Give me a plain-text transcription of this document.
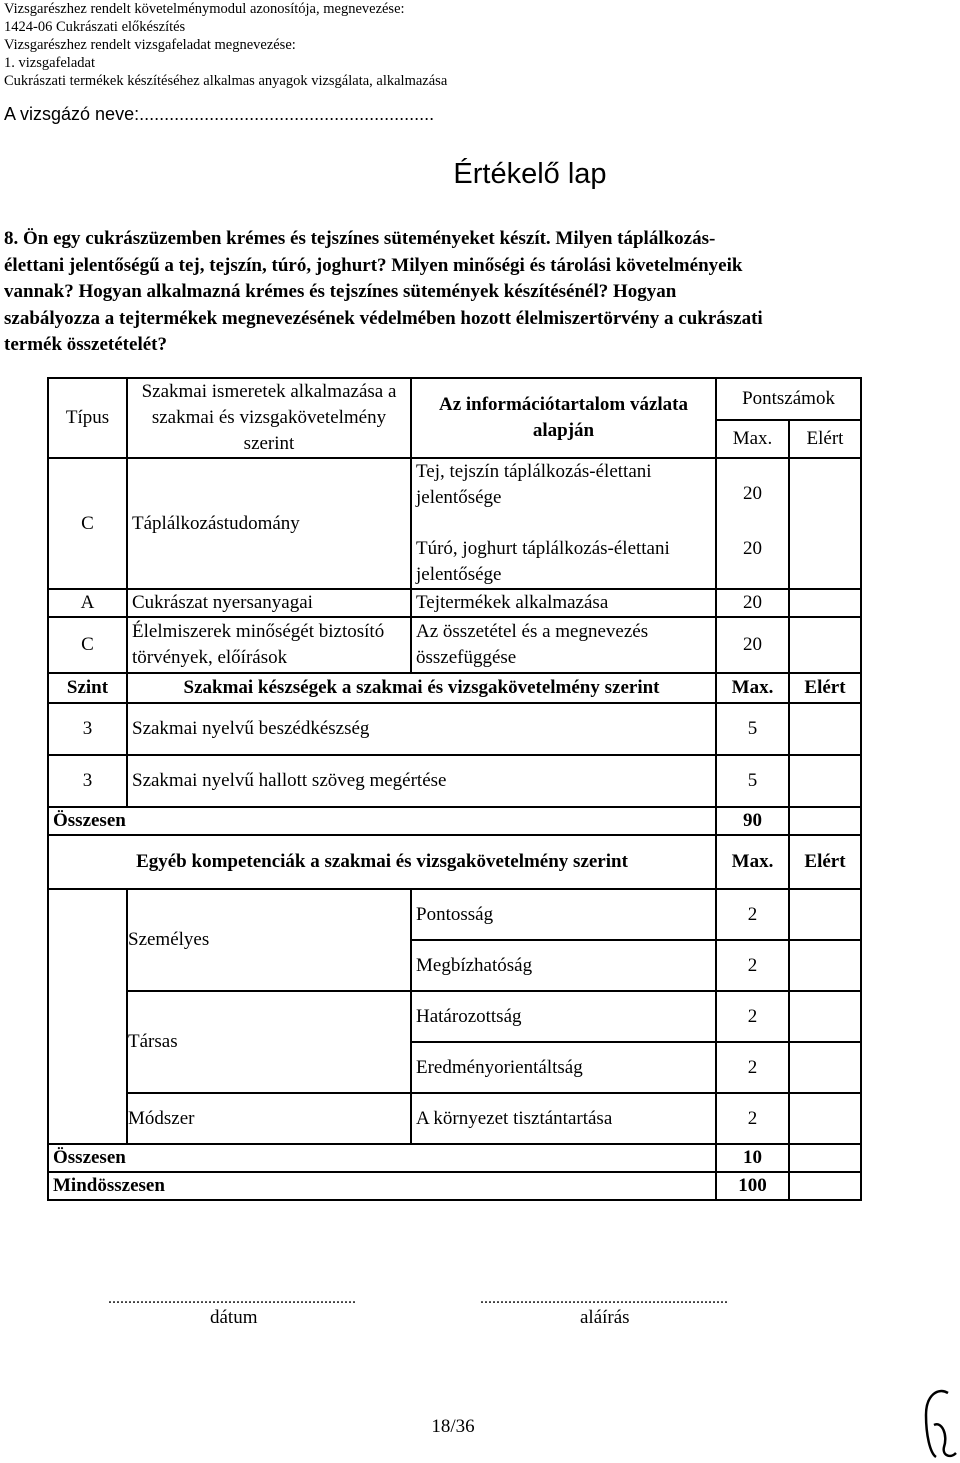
Vizsgarészhez rendelt követelménymodul azonosítója, megnevezése:
1424-06 Cukrászati előkészítés
Vizsgarészhez rendelt vizsgafeladat megnevezése:
1. vizsgafeladat
Cukrászati termékek készítéséhez alkalmas anyagok vizsgálata, alkalmazása
A vizsgázó neve:...........................................................
Értékelő lap
8. Ön egy cukrászüzemben krémes és tejszínes süteményeket készít. Milyen táplálkozás-
élettani jelentőségű a tej, tejszín, túró, joghurt? Milyen minőségi és tárolási követelményeik
vannak? Hogyan alkalmazná krémes és tejszínes sütemények készítésénél? Hogyan
szabályozza a tejtermékek megnevezésének védelmében hozott élelmiszertörvény a cukrászati
termék összetételét?
Típus	Szakmai ismeretek alkalmazása a szakmai és vizsgakövetelmény szerint	Az információtartalom vázlata alapján	Pontszámok	
			Max.	Elért
C	Táplálkozástudomány	Tej, tejszín táplálkozás-élettani jelentősége	20	
		Túró, joghurt táplálkozás-élettani jelentősége	20	
A	Cukrászat nyersanyagai	Tejtermékek alkalmazása	20	
C	Élelmiszerek minőségét biztosító törvények, előírások	Az összetétel és a megnevezés összefüggése	20	
Szint	Szakmai készségek a szakmai és vizsgakövetelmény szerint		Max.	Elért
3	Szakmai nyelvű beszédkészség		5	
3	Szakmai nyelvű hallott szöveg megértése		5	
Összesen			90	
Egyéb kompetenciák a szakmai és vizsgakövetelmény szerint			Max.	Elért
	Személyes	Pontosság	2	
		Megbízhatóság	2	
	Társas	Határozottság	2	
		Eredményorientáltság	2	
	Módszer	A környezet tisztántartása	2	
Összesen			10	
Mindösszesen			100	
..............................................................	..............................................................
dátum	aláírás
18/36
